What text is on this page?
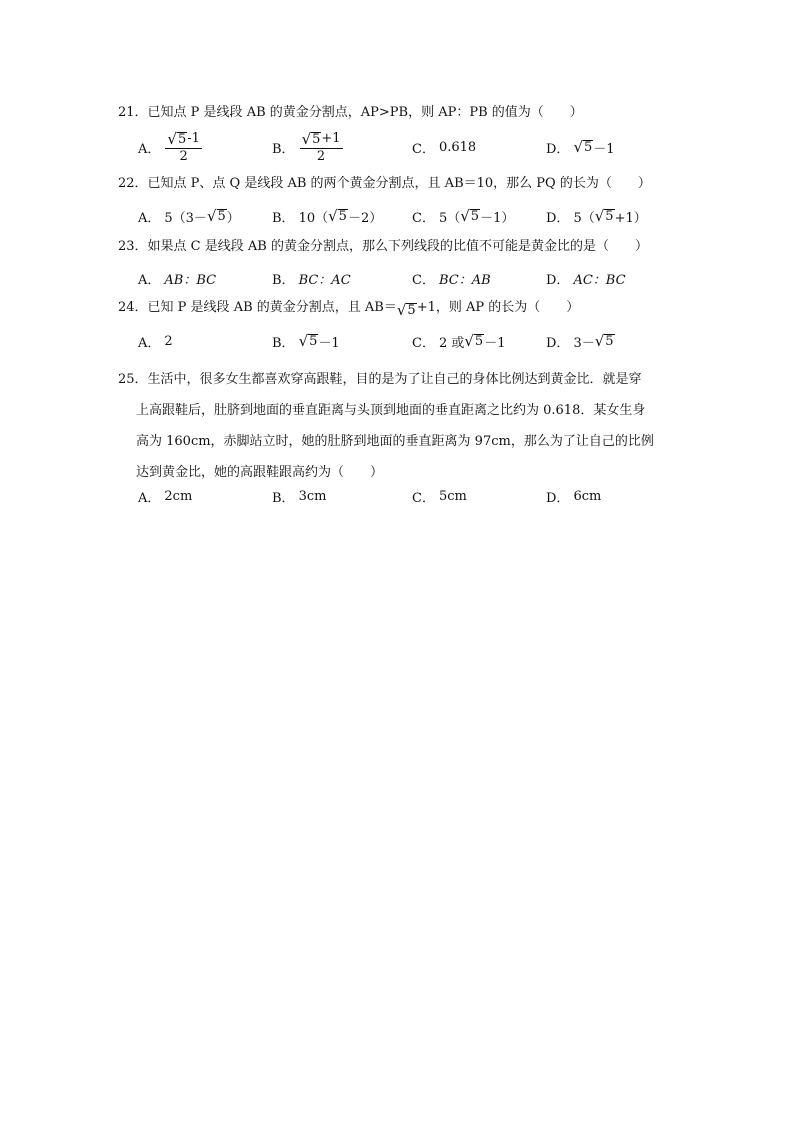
21．已知点 P 是线段 AB 的黄金分割点，AP>PB，则 AP：PB 的值为（　　）
A． $\frac{√ 5 -1}{2}$	B． $\frac{√ 5 +1}{2}$	C． 0.618	D． √ 5 －1
22．已知点 P、点 Q 是线段 AB 的两个黄金分割点，且 AB＝10，那么 PQ 的长为（　　）
A． 5（3－ √ 5 ） B． 10（ √ 5 －2） C． 5（ √ 5 －1） D． 5（ √ 5 +1）
23．如果点 C 是线段 AB 的黄金分割点，那么下列线段的比值不可能是黄金比的是（　　）
A． AB：BC	B． BC：AC	C． BC：AB	D． AC：BC
24． 已知 P 是线段 AB 的黄金分割点，且 AB＝ √ 5 +1，则 AP 的长为（　　）
A． 2	B． √ 5 －1	C． 2 或 √ 5 －1	D． 3－ √ 5
25．生活中，很多女生都喜欢穿高跟鞋，目的是为了让自己的身体比例达到黄金比．就是穿
上高跟鞋后，肚脐到地面的垂直距离与头顶到地面的垂直距离之比约为 0.618．某女生身
高为 160cm，赤脚站立时，她的肚脐到地面的垂直距离为 97cm，那么为了让自己的比例
达到黄金比，她的高跟鞋跟高约为（　　）
A． 2cm	B． 3cm	C． 5cm	D． 6cm
